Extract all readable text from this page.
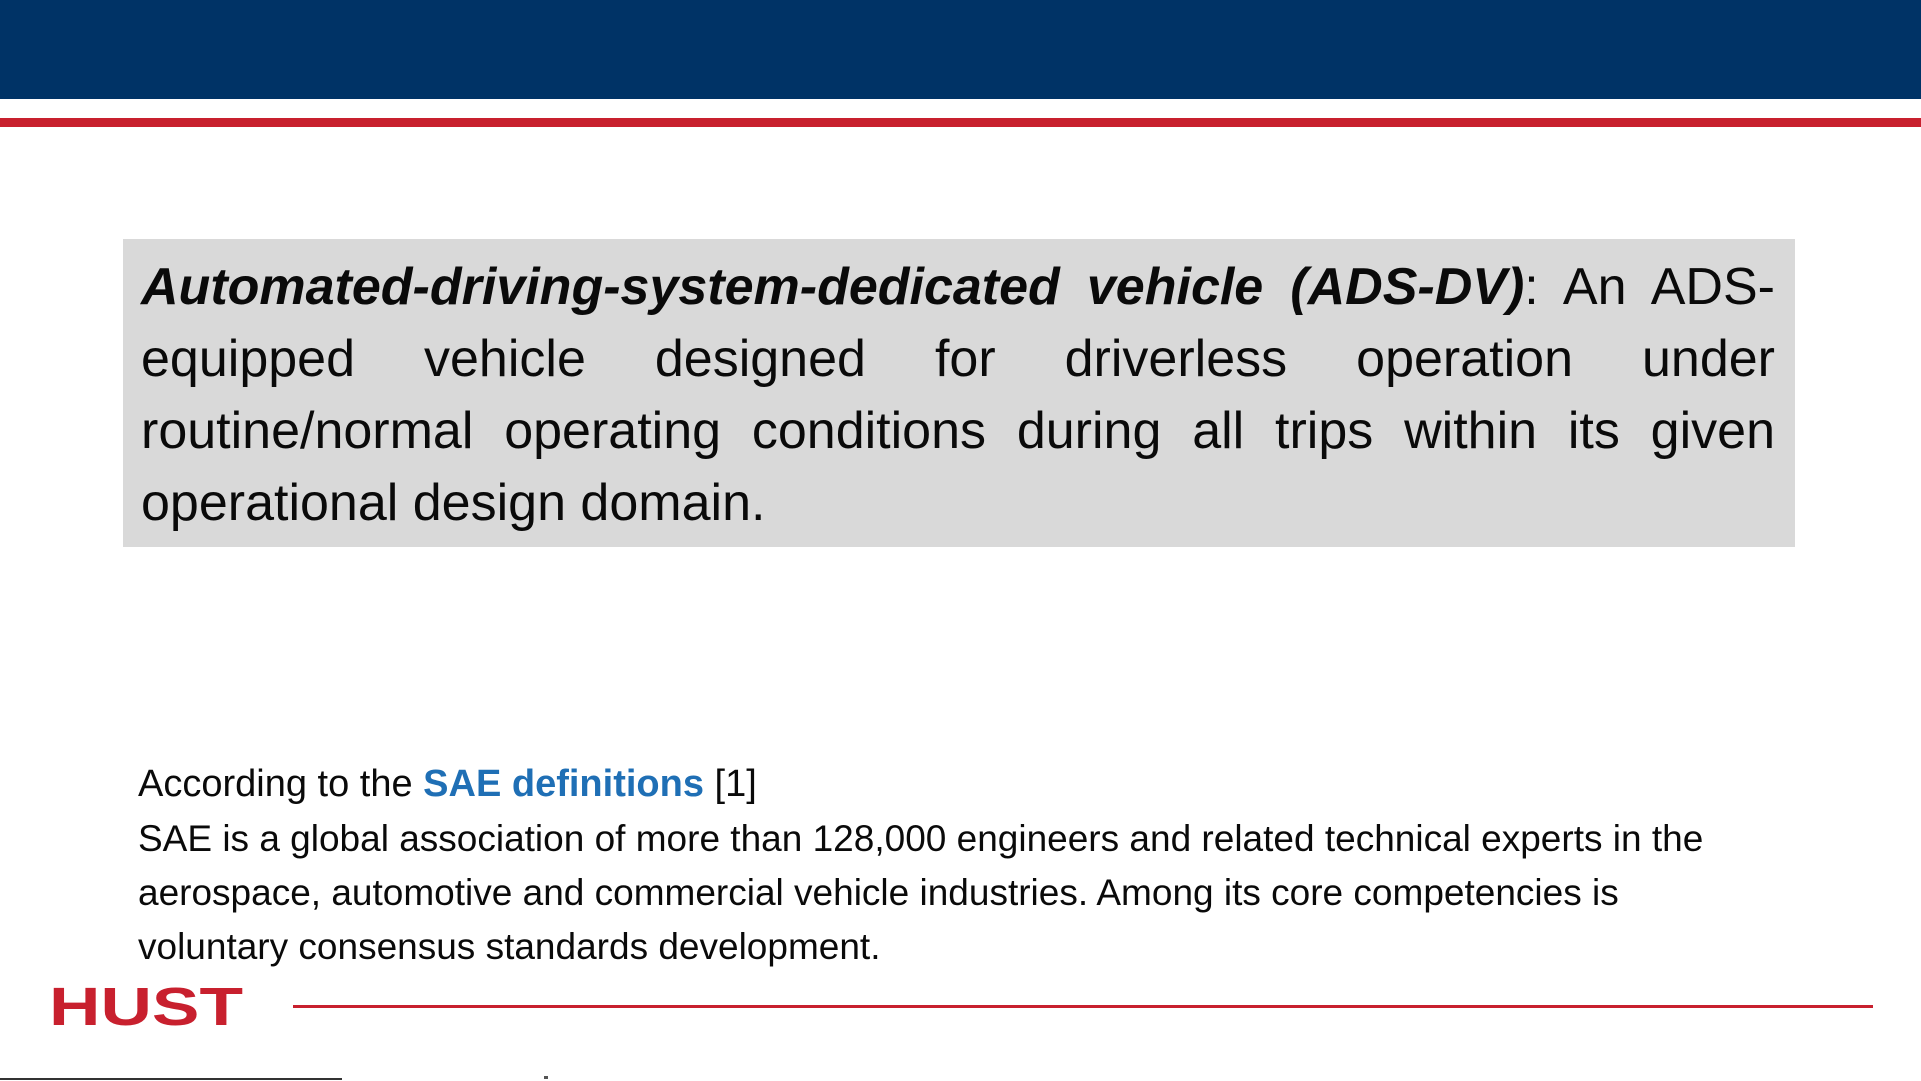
Automated-driving-system-dedicated vehicle (ADS-DV): An ADS-equipped vehicle designed for driverless operation under routine/normal operating conditions during all trips within its given operational design domain.

According to the SAE definitions [1]

SAE is a global association of more than 128,000 engineers and related technical experts in the aerospace, automotive and commercial vehicle industries. Among its core competencies is voluntary consensus standards development.

HUST
